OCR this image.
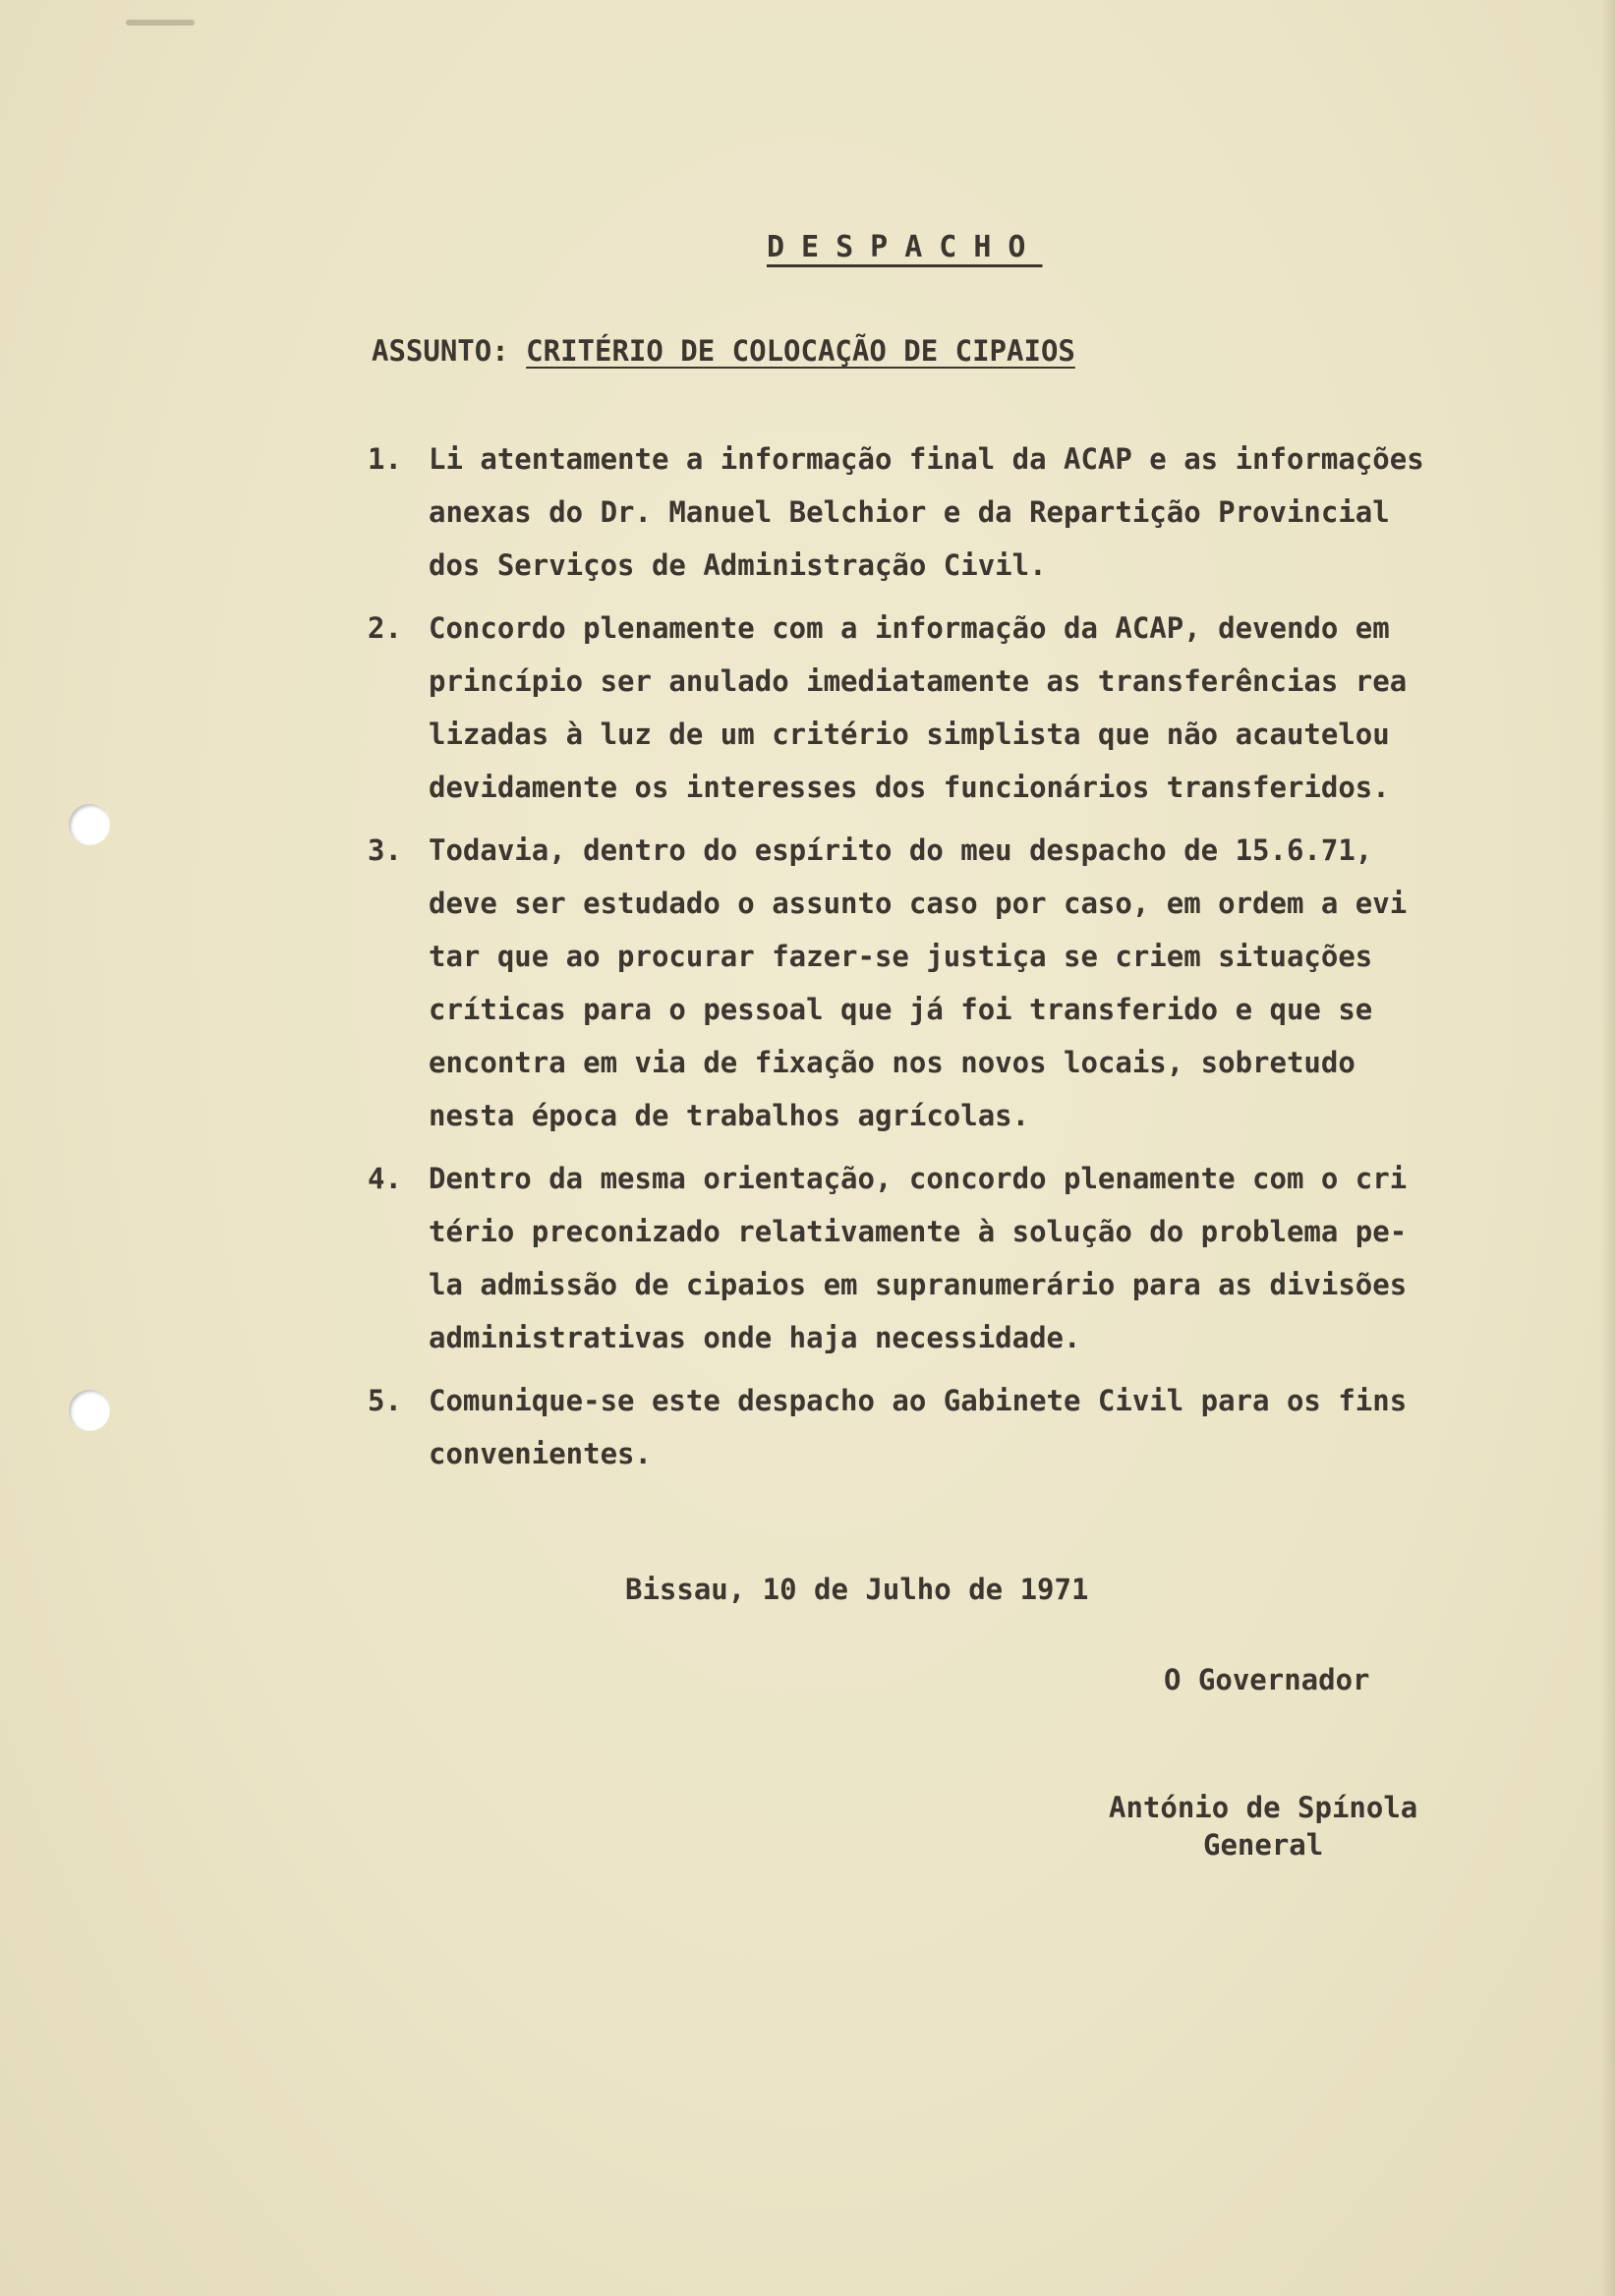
DESPACHO
ASSUNTO: CRITÉRIO DE COLOCAÇÃO DE CIPAIOS
1. Li atentamente a informação final da ACAP e as informações
anexas do Dr. Manuel Belchior e da Repartição Provincial
dos Serviços de Administração Civil.
2. Concordo plenamente com a informação da ACAP, devendo em
princípio ser anulado imediatamente as transferências rea
lizadas à luz de um critério simplista que não acautelou
devidamente os interesses dos funcionários transferidos.
3. Todavia, dentro do espírito do meu despacho de 15.6.71,
deve ser estudado o assunto caso por caso, em ordem a evi
tar que ao procurar fazer-se justiça se criem situações
críticas para o pessoal que já foi transferido e que se
encontra em via de fixação nos novos locais, sobretudo
nesta época de trabalhos agrícolas.
4. Dentro da mesma orientação, concordo plenamente com o cri
tério preconizado relativamente à solução do problema pe-
la admissão de cipaios em supranumerário para as divisões
administrativas onde haja necessidade.
5. Comunique-se este despacho ao Gabinete Civil para os fins
convenientes.
Bissau, 10 de Julho de 1971
O Governador
António de Spínola
General
